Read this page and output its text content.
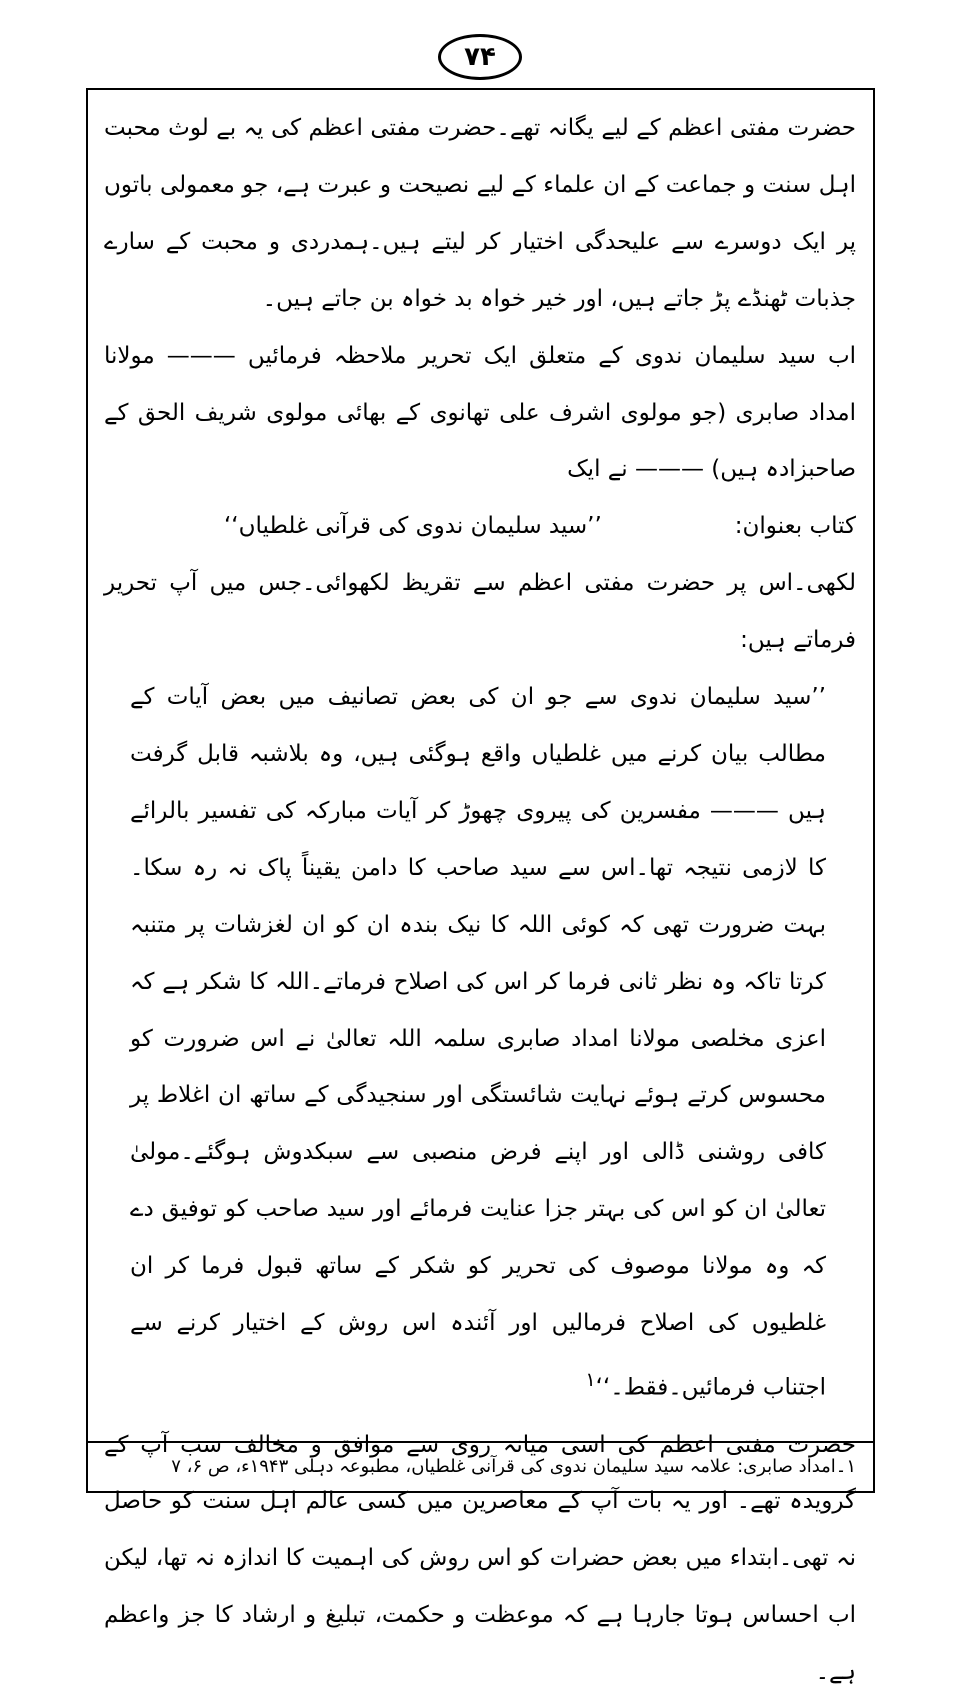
۷۴

حضرت مفتی اعظم کے لیے یگانہ تھے۔حضرت مفتی اعظم کی یہ بے لوث محبت اہل سنت و جماعت کے ان علماء کے لیے نصیحت و عبرت ہے، جو معمولی باتوں پر ایک دوسرے سے علیحدگی اختیار کر لیتے ہیں۔ہمدردی و محبت کے سارے جذبات ٹھنڈے پڑ جاتے ہیں، اور خیر خواہ بد خواہ بن جاتے ہیں۔

اب سید سلیمان ندوی کے متعلق ایک تحریر ملاحظہ فرمائیں ——— مولانا امداد صابری (جو مولوی اشرف علی تھانوی کے بھائی مولوی شریف الحق کے صاحبزادہ ہیں) ——— نے ایک

کتاب بعنوان:
’’سید سلیمان ندوی کی قرآنی غلطیاں‘‘

لکھی۔اس پر حضرت مفتی اعظم سے تقریظ لکھوائی۔جس میں آپ تحریر فرماتے ہیں:

’’سید سلیمان ندوی سے جو ان کی بعض تصانیف میں بعض آیات کے مطالب بیان کرنے میں غلطیاں واقع ہوگئی ہیں، وہ بلاشبہ قابل گرفت ہیں ——— مفسرین کی پیروی چھوڑ کر آیات مبارکہ کی تفسیر بالرائے کا لازمی نتیجہ تھا۔اس سے سید صاحب کا دامن یقیناً پاک نہ رہ سکا۔بہت ضرورت تھی کہ کوئی اللہ کا نیک بندہ ان کو ان لغزشات پر متنبہ کرتا تاکہ وہ نظر ثانی فرما کر اس کی اصلاح فرماتے۔اللہ کا شکر ہے کہ اعزی مخلصی مولانا امداد صابری سلمہ اللہ تعالیٰ نے اس ضرورت کو محسوس کرتے ہوئے نہایت شائستگی اور سنجیدگی کے ساتھ ان اغلاط پر کافی روشنی ڈالی اور اپنے فرض منصبی سے سبکدوش ہوگئے۔مولیٰ تعالیٰ ان کو اس کی بہتر جزا عنایت فرمائے اور سید صاحب کو توفیق دے کہ وہ مولانا موصوف کی تحریر کو شکر کے ساتھ قبول فرما کر ان غلطیوں کی اصلاح فرمالیں اور آئندہ اس روش کے اختیار کرنے سے اجتناب فرمائیں۔فقط۔‘‘$^۱$

حضرت مفتی اعظم کی اسی میانہ روی سے موافق و مخالف سب آپ کے گرویدہ تھے۔ اور یہ بات آپ کے معاصرین میں کسی عالم اہل سنت کو حاصل نہ تھی۔ابتداء میں بعض حضرات کو اس روش کی اہمیت کا اندازہ نہ تھا، لیکن اب احساس ہوتا جارہا ہے کہ موعظت و حکمت، تبلیغ و ارشاد کا جز واعظم ہے۔

۱۔امداد صابری: علامہ سید سلیمان ندوی کی قرآنی غلطیاں، مطبوعہ دہلی ۱۹۴۳ء، ص ۶، ۷
